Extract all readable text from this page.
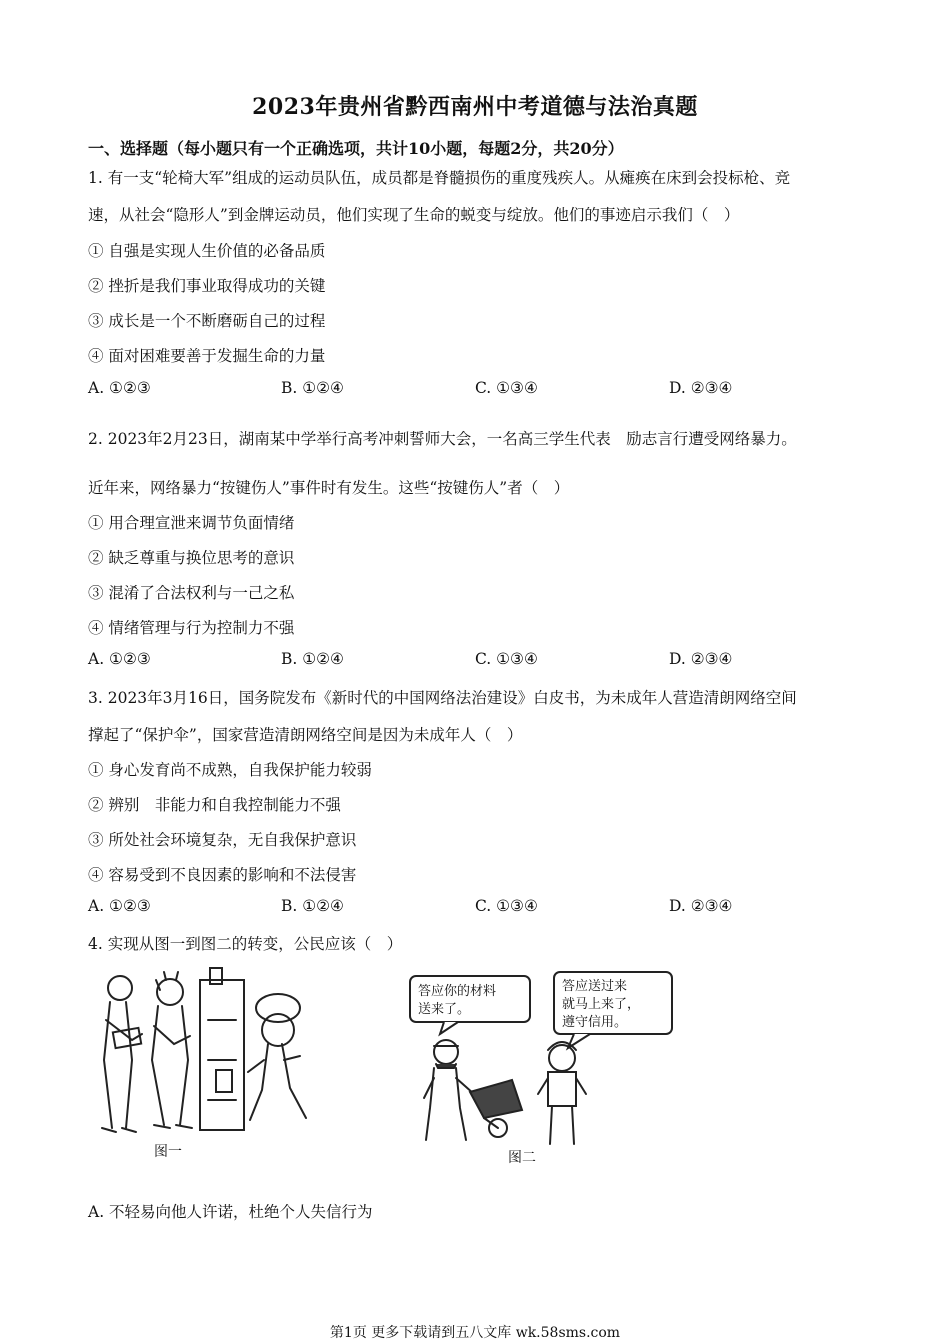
2023年贵州省黔西南州中考道德与法治真题
一、选择题（每小题只有一个正确选项，共计10小题，每题2分，共20分）
1. 有一支“轮椅大军”组成的运动员队伍，成员都是脊髓损伤的重度残疾人。从瘫痪在床到会投标枪、竞
速，从社会“隐形人”到金牌运动员，他们实现了生命的蜕变与绽放。他们的事迹启示我们（　）
① 自强是实现人生价值的必备品质
② 挫折是我们事业取得成功的关键
③ 成长是一个不断磨砺自己的过程
④ 面对困难要善于发掘生命的力量
A. ①②③	B. ①②④	C. ①③④	D. ②③④
2. 2023年2月23日，湖南某中学举行高考冲刺誓师大会，一名高三学生代表　励志言行遭受网络暴力。
近年来，网络暴力“按键伤人”事件时有发生。这些“按键伤人”者（　）
① 用合理宣泄来调节负面情绪
② 缺乏尊重与换位思考的意识
③ 混淆了合法权利与一己之私
④ 情绪管理与行为控制力不强
A. ①②③	B. ①②④	C. ①③④	D. ②③④
3. 2023年3月16日，国务院发布《新时代的中国网络法治建设》白皮书，为未成年人营造清朗网络空间
撑起了“保护伞”，国家营造清朗网络空间是因为未成年人（　）
① 身心发育尚不成熟，自我保护能力较弱
② 辨别　非能力和自我控制能力不强
③ 所处社会环境复杂，无自我保护意识
④ 容易受到不良因素的影响和不法侵害
A. ①②③	B. ①②④	C. ①③④	D. ②③④
4. 实现从图一到图二的转变，公民应该（　）
图一
答应你的材料
送来了。
答应送过来
就马上来了，
遵守信用。
图二
A. 不轻易向他人许诺，杜绝个人失信行为
第1页 更多下载请到五八文库 wk.58sms.com
